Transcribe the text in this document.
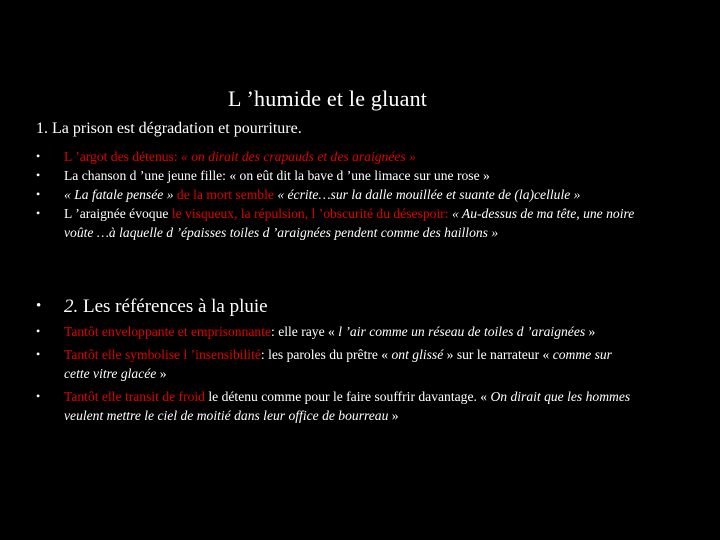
L ’humide et le gluant
1. La prison est dégradation et pourriture.
• L ’argot des détenus: « on dirait des crapauds et des araignées »
• La chanson d ’une jeune fille: « on eût dit la bave d ’une limace sur une rose »
• « La fatale pensée » de la mort semble « écrite…sur la dalle mouillée et suante de (la)cellule »
• L ’araignée évoque le visqueux, la répulsion, l ’obscurité du désespoir: « Au-dessus de ma tête, une noire voûte …à laquelle d ’épaisses toiles d ’araignées pendent comme des haillons »
• 2. Les références à la pluie
• Tantôt enveloppante et emprisonnante: elle raye « l ’air comme un réseau de toiles d ’araignées »
• Tantôt elle symbolise l ’insensibilité: les paroles du prêtre « ont glissé » sur le narrateur « comme sur cette vitre glacée »
• Tantôt elle transit de froid le détenu comme pour le faire souffrir davantage. « On dirait que les hommes veulent mettre le ciel de moitié dans leur office de bourreau »
